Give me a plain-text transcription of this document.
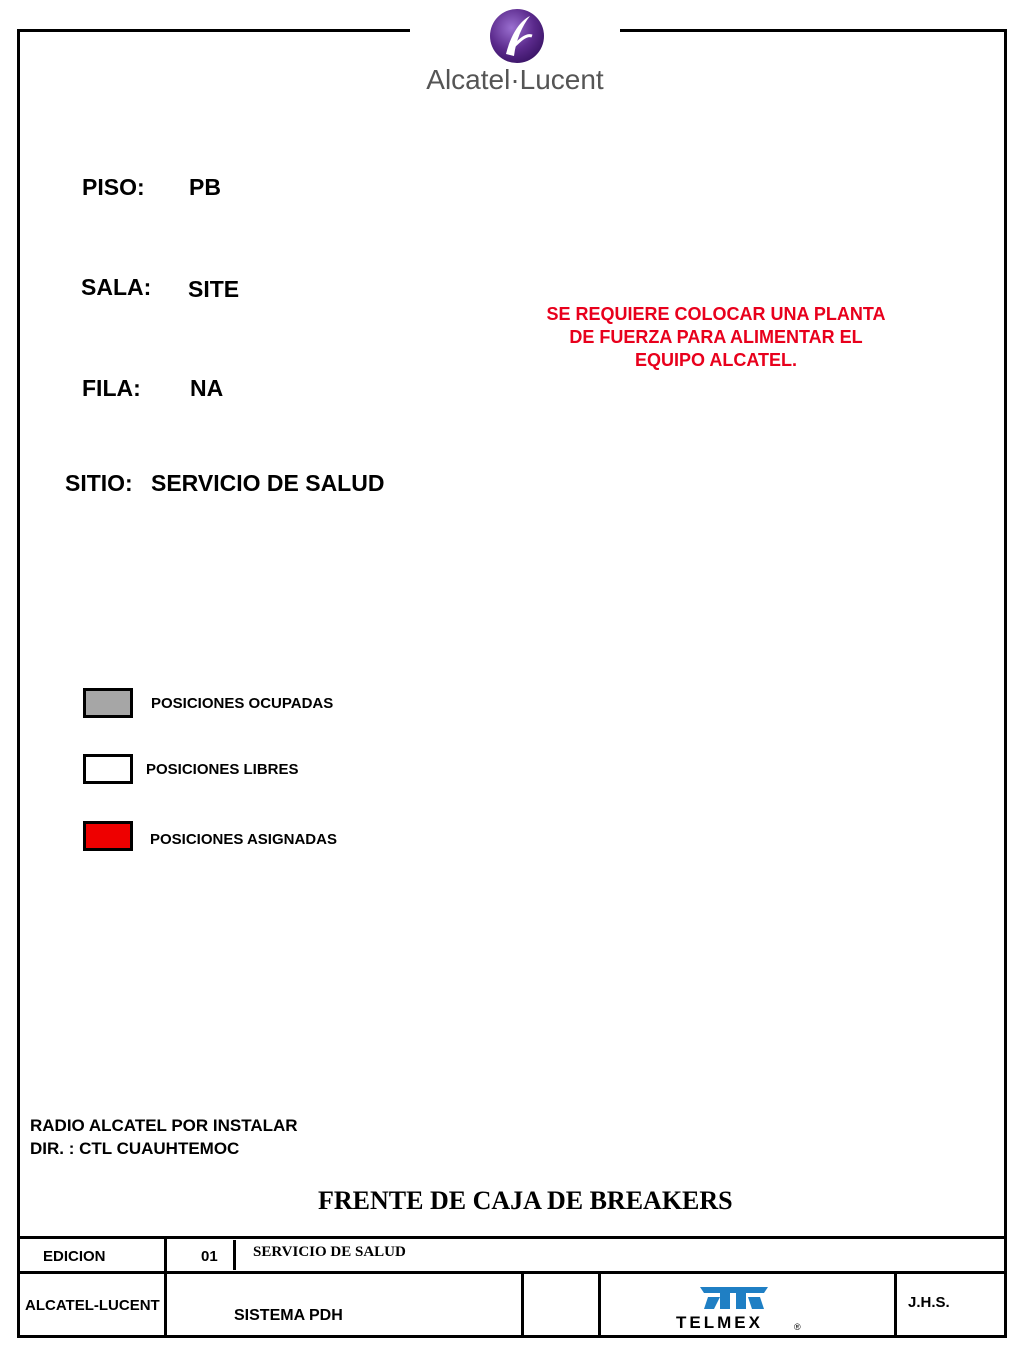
Alcatel·Lucent
PISO: PB
SALA: SITE
FILA: NA
SITIO: SERVICIO DE SALUD
SE REQUIERE COLOCAR UNA PLANTA
DE FUERZA PARA ALIMENTAR EL
EQUIPO ALCATEL.
POSICIONES OCUPADAS
POSICIONES LIBRES
POSICIONES ASIGNADAS
RADIO ALCATEL POR INSTALAR
DIR. : CTL CUAUHTEMOC
FRENTE DE CAJA DE BREAKERS
EDICION	01 SERVICIO DE SALUD
ALCATEL-LUCENT
SISTEMA PDH
J.H.S.
TELMEX	®
